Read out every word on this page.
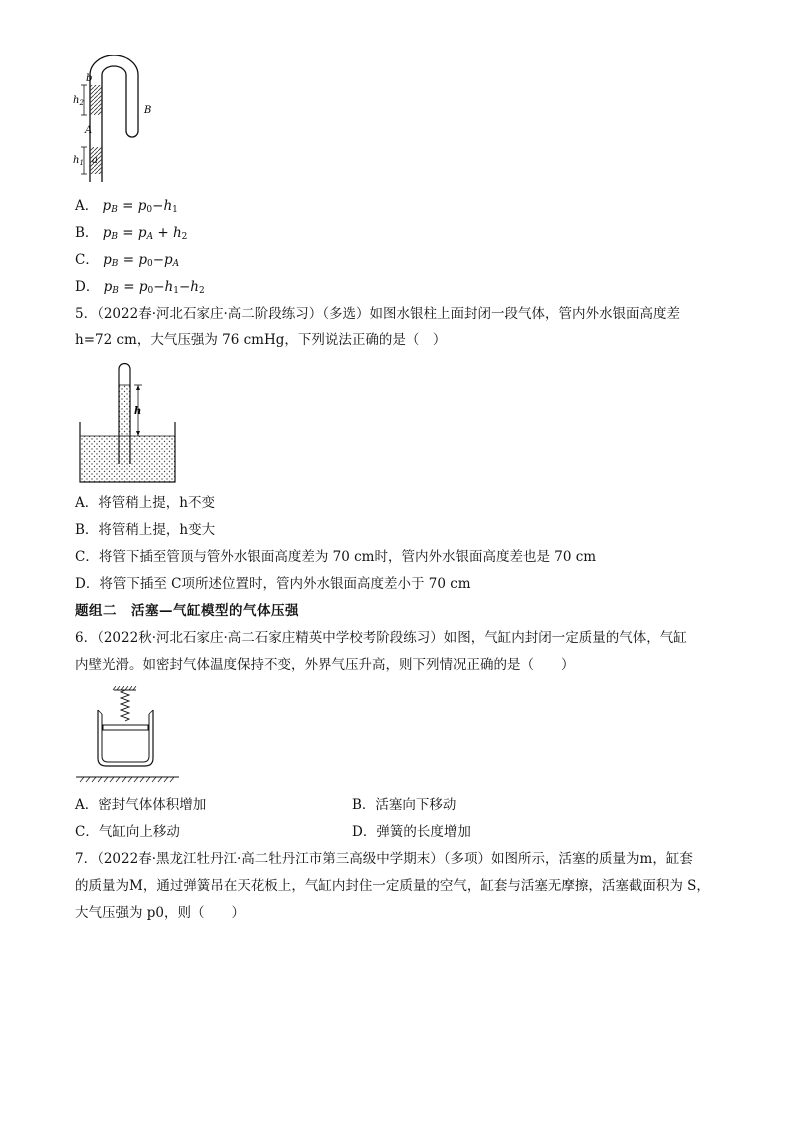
b
$h_2$
A
$h_1$ a
B
A． $p_B = p_0-h_1$
B． $p_B = p_A + h_2$
C． $p_B = p_0-p_A$
D． $p_B = p_0-h_1-h_2$
5．（2022春·河北石家庄·高二阶段练习）（多选）如图水银柱上面封闭一段气体，管内外水银面高度差
h=72 cm，大气压强为 76 cmHg，下列说法正确的是（　）
h
A．将管稍上提，h不变
B．将管稍上提，h变大
C．将管下插至管顶与管外水银面高度差为 70 cm时，管内外水银面高度差也是 70 cm
D．将管下插至 C项所述位置时，管内外水银面高度差小于 70 cm
题组二　活塞—气缸模型的气体压强
6．（2022秋·河北石家庄·高二石家庄精英中学校考阶段练习）如图，气缸内封闭一定质量的气体，气缸
内壁光滑。如密封气体温度保持不变，外界气压升高，则下列情况正确的是（　　）
A．密封气体体积增加	B．活塞向下移动
C．气缸向上移动	D．弹簧的长度增加
7．（2022春·黑龙江牡丹江·高二牡丹江市第三高级中学期末）（多项）如图所示，活塞的质量为m，缸套
的质量为M，通过弹簧吊在天花板上，气缸内封住一定质量的空气，缸套与活塞无摩擦，活塞截面积为 S，
大气压强为 p0，则（　　）
